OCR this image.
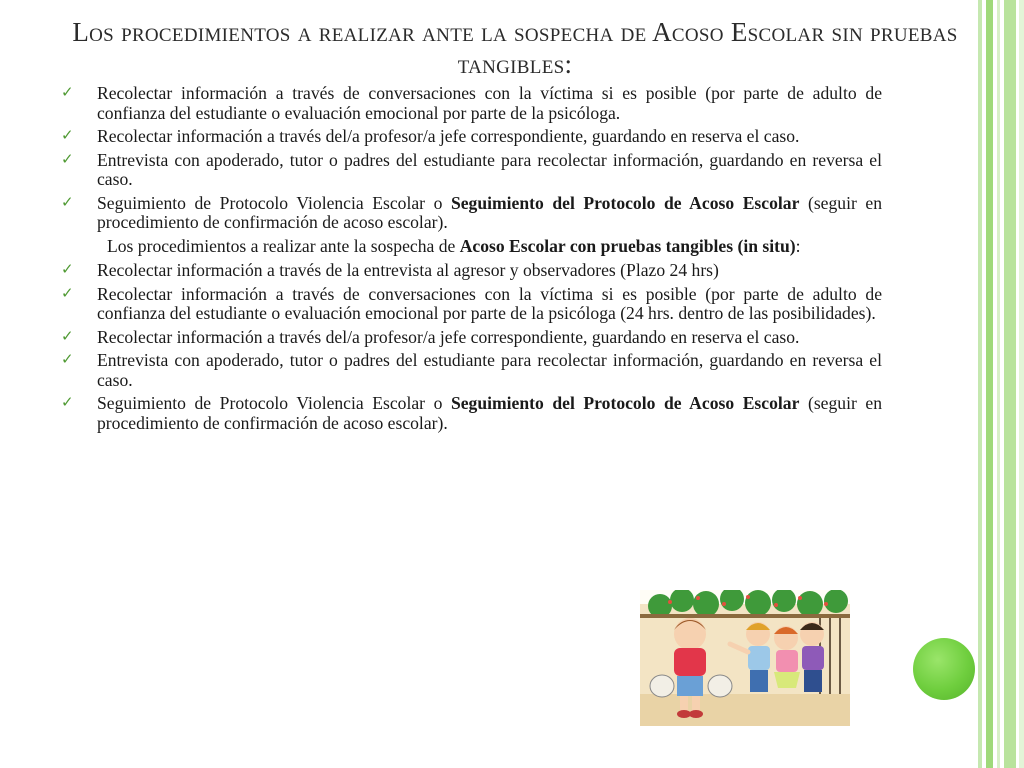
Los procedimientos a realizar ante la sospecha de Acoso Escolar sin pruebas tangibles:
✓ Recolectar información a través de conversaciones con la víctima si es posible (por parte de adulto de confianza del estudiante o evaluación emocional por parte de la psicóloga.
✓ Recolectar información a través del/a profesor/a jefe correspondiente, guardando en reserva el caso.
✓ Entrevista con apoderado, tutor o padres del estudiante para recolectar información, guardando en reversa el caso.
✓ Seguimiento de Protocolo Violencia Escolar o Seguimiento del Protocolo de Acoso Escolar (seguir en procedimiento de confirmación de acoso escolar).
Los procedimientos a realizar ante la sospecha de Acoso Escolar con pruebas tangibles (in situ):
✓ Recolectar información a través de la entrevista al agresor y observadores (Plazo 24 hrs)
✓ Recolectar información a través de conversaciones con la víctima si es posible (por parte de adulto de confianza del estudiante o evaluación emocional por parte de la psicóloga (24 hrs. dentro de las posibilidades).
✓ Recolectar información a través del/a profesor/a jefe correspondiente, guardando en reserva el caso.
✓ Entrevista con apoderado, tutor o padres del estudiante para recolectar información, guardando en reversa el caso.
✓ Seguimiento de Protocolo Violencia Escolar o Seguimiento del Protocolo de Acoso Escolar (seguir en procedimiento de confirmación de acoso escolar).
